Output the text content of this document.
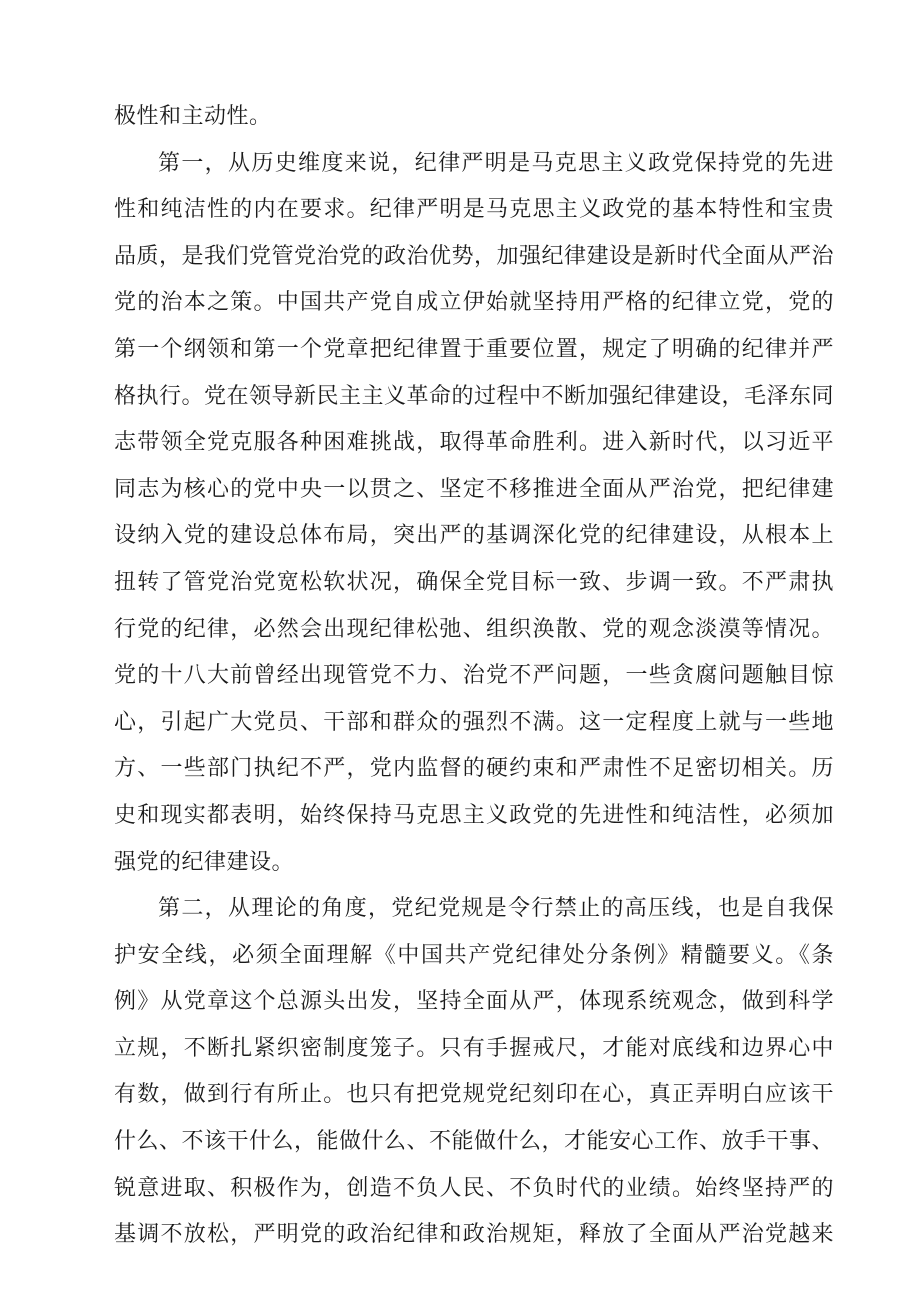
极性和主动性。
第一，从历史维度来说，纪律严明是马克思主义政党保持党的先进
性和纯洁性的内在要求。纪律严明是马克思主义政党的基本特性和宝贵
品质，是我们党管党治党的政治优势，加强纪律建设是新时代全面从严治
党的治本之策。中国共产党自成立伊始就坚持用严格的纪律立党，党的
第一个纲领和第一个党章把纪律置于重要位置，规定了明确的纪律并严
格执行。党在领导新民主主义革命的过程中不断加强纪律建设，毛泽东同
志带领全党克服各种困难挑战，取得革命胜利。进入新时代，以习近平
同志为核心的党中央一以贯之、坚定不移推进全面从严治党，把纪律建
设纳入党的建设总体布局，突出严的基调深化党的纪律建设，从根本上
扭转了管党治党宽松软状况，确保全党目标一致、步调一致。不严肃执
行党的纪律，必然会出现纪律松弛、组织涣散、党的观念淡漠等情况。
党的十八大前曾经出现管党不力、治党不严问题，一些贪腐问题触目惊
心，引起广大党员、干部和群众的强烈不满。这一定程度上就与一些地
方、一些部门执纪不严，党内监督的硬约束和严肃性不足密切相关。历
史和现实都表明，始终保持马克思主义政党的先进性和纯洁性，必须加
强党的纪律建设。
第二，从理论的角度，党纪党规是令行禁止的高压线，也是自我保
护安全线，必须全面理解《中国共产党纪律处分条例》精髓要义。《条
例》从党章这个总源头出发，坚持全面从严，体现系统观念，做到科学
立规，不断扎紧织密制度笼子。只有手握戒尺，才能对底线和边界心中
有数，做到行有所止。也只有把党规党纪刻印在心，真正弄明白应该干
什么、不该干什么，能做什么、不能做什么，才能安心工作、放手干事、
锐意进取、积极作为，创造不负人民、不负时代的业绩。始终坚持严的
基调不放松，严明党的政治纪律和政治规矩，释放了全面从严治党越来
